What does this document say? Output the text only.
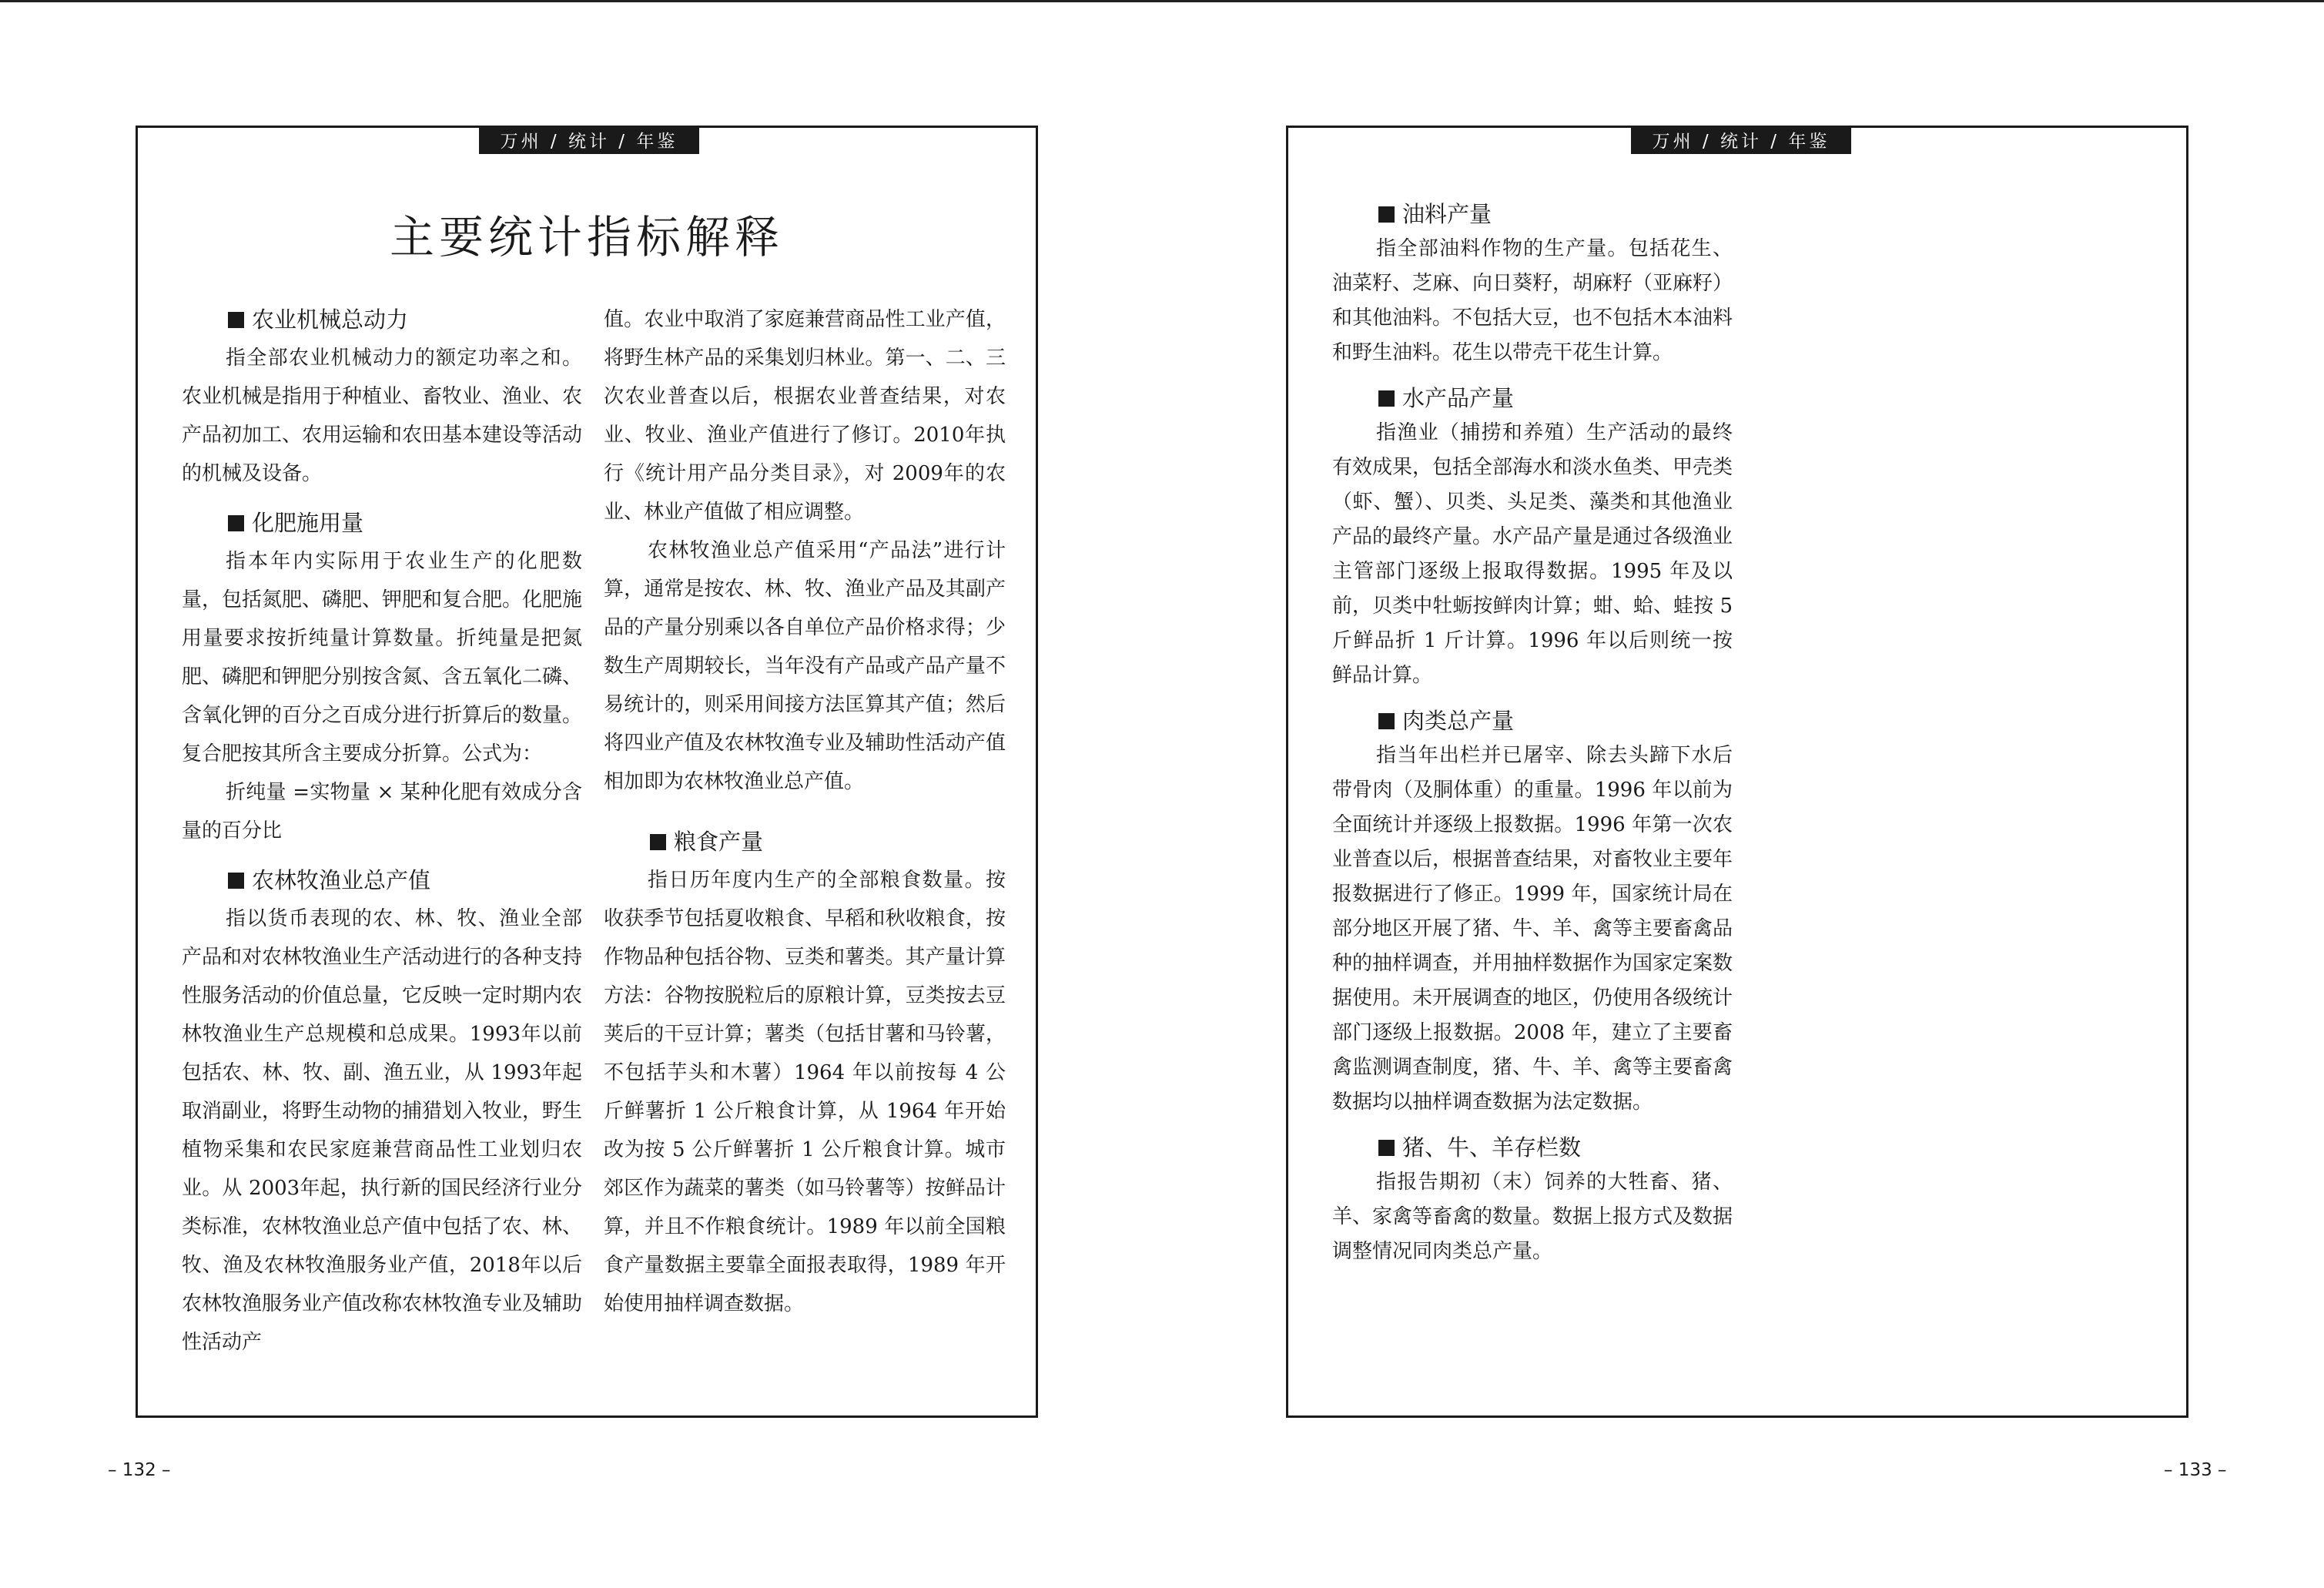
万州 / 统计 / 年鉴
主要统计指标解释
农业机械总动力

指全部农业机械动力的额定功率之和。农业机械是指用于种植业、畜牧业、渔业、农产品初加工、农用运输和农田基本建设等活动的机械及设备。

化肥施用量

指本年内实际用于农业生产的化肥数量，包括氮肥、磷肥、钾肥和复合肥。化肥施用量要求按折纯量计算数量。折纯量是把氮肥、磷肥和钾肥分别按含氮、含五氧化二磷、含氧化钾的百分之百成分进行折算后的数量。复合肥按其所含主要成分折算。公式为：

折纯量 =实物量 × 某种化肥有效成分含量的百分比

农林牧渔业总产值

指以货币表现的农、林、牧、渔业全部产品和对农林牧渔业生产活动进行的各种支持性服务活动的价值总量，它反映一定时期内农林牧渔业生产总规模和总成果。1993年以前包括农、林、牧、副、渔五业，从 1993年起取消副业，将野生动物的捕猎划入牧业，野生植物采集和农民家庭兼营商品性工业划归农业。从 2003年起，执行新的国民经济行业分类标准，农林牧渔业总产值中包括了农、林、牧、渔及农林牧渔服务业产值，2018年以后农林牧渔服务业产值改称农林牧渔专业及辅助性活动产

值。农业中取消了家庭兼营商品性工业产值，将野生林产品的采集划归林业。第一、二、三次农业普查以后，根据农业普查结果，对农业、牧业、渔业产值进行了修订。2010年执行《统计用产品分类目录》，对 2009年的农业、林业产值做了相应调整。

农林牧渔业总产值采用“产品法”进行计算，通常是按农、林、牧、渔业产品及其副产品的产量分别乘以各自单位产品价格求得；少数生产周期较长，当年没有产品或产品产量不易统计的，则采用间接方法匡算其产值；然后将四业产值及农林牧渔专业及辅助性活动产值相加即为农林牧渔业总产值。

粮食产量

指日历年度内生产的全部粮食数量。按收获季节包括夏收粮食、早稻和秋收粮食，按作物品种包括谷物、豆类和薯类。其产量计算方法：谷物按脱粒后的原粮计算，豆类按去豆荚后的干豆计算；薯类（包括甘薯和马铃薯，不包括芋头和木薯）1964 年以前按每 4 公斤鲜薯折 1 公斤粮食计算，从 1964 年开始改为按 5 公斤鲜薯折 1 公斤粮食计算。城市郊区作为蔬菜的薯类（如马铃薯等）按鲜品计算，并且不作粮食统计。1989 年以前全国粮食产量数据主要靠全面报表取得，1989 年开始使用抽样调查数据。

– 132 –
万州 / 统计 / 年鉴
油料产量

指全部油料作物的生产量。包括花生、油菜籽、芝麻、向日葵籽，胡麻籽（亚麻籽）和其他油料。不包括大豆，也不包括木本油料和野生油料。花生以带壳干花生计算。

水产品产量

指渔业（捕捞和养殖）生产活动的最终有效成果，包括全部海水和淡水鱼类、甲壳类（虾、蟹）、贝类、头足类、藻类和其他渔业产品的最终产量。水产品产量是通过各级渔业主管部门逐级上报取得数据。1995 年及以前，贝类中牡蛎按鲜肉计算；蚶、蛤、蛙按 5 斤鲜品折 1 斤计算。1996 年以后则统一按鲜品计算。

肉类总产量

指当年出栏并已屠宰、除去头蹄下水后带骨肉（及胴体重）的重量。1996 年以前为全面统计并逐级上报数据。1996 年第一次农业普查以后，根据普查结果，对畜牧业主要年报数据进行了修正。1999 年，国家统计局在部分地区开展了猪、牛、羊、禽等主要畜禽品种的抽样调查，并用抽样数据作为国家定案数据使用。未开展调查的地区，仍使用各级统计部门逐级上报数据。2008 年，建立了主要畜禽监测调查制度，猪、牛、羊、禽等主要畜禽数据均以抽样调查数据为法定数据。

猪、牛、羊存栏数

指报告期初（末）饲养的大牲畜、猪、羊、家禽等畜禽的数量。数据上报方式及数据调整情况同肉类总产量。

– 133 –
